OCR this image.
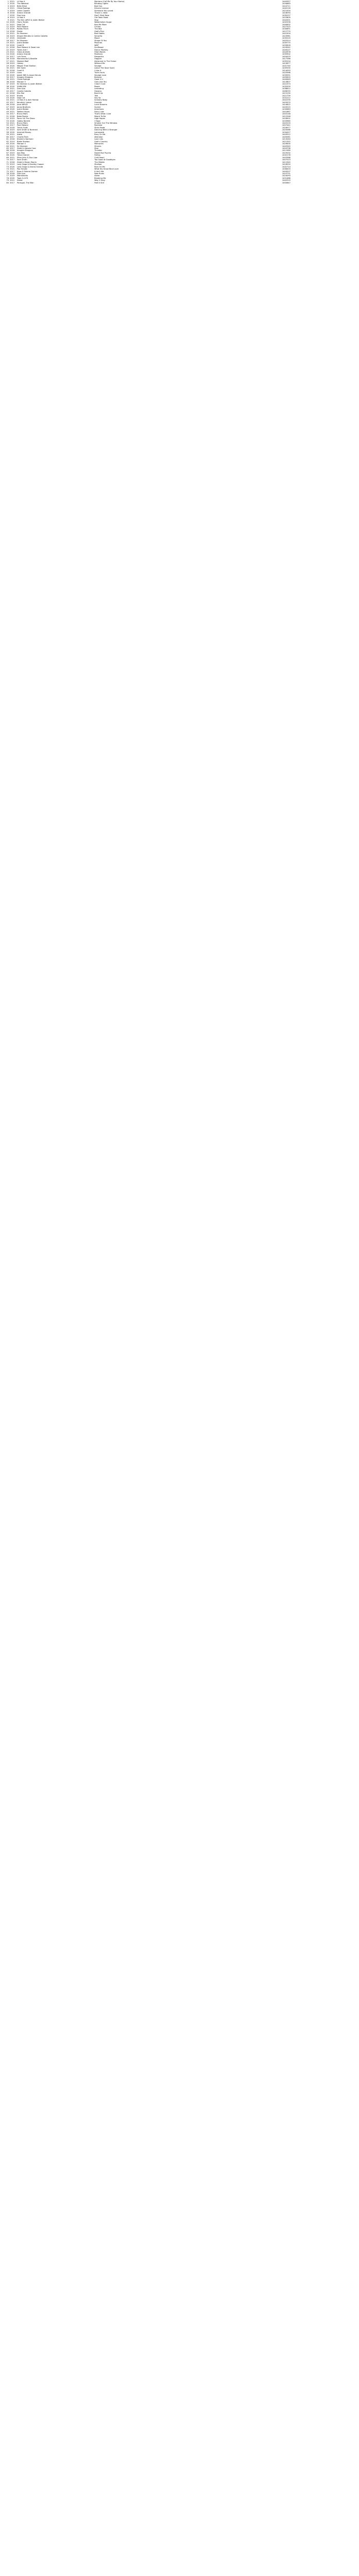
1 2021	Lil Nas X	Montero (Call Me By Your Name)	1440957
2 2020	The Weeknd	Blinding Lights	1434883
3 2019	Billie Eilish	Bad Guy	1424711
4 2021	Olivia Rodrigo	Drivers License	1440118
5 2019	Lewis Capaldi	Someone You Loved	1421004
6 2018	Ariana Grande	Thank U, Next	1418093
7 2020	Dua Lipa	Don't Start Now	1430237
8 2019	Lil Nas X	Old Town Road	1422809
9 2021	The Kid LAROI & Justin Bieber	Stay	1442001
10 2020	Harry Styles	Watermelon Sugar	1432556
11 2021	Doja Cat	Kiss Me More	1440832
12 2019	Post Malone	Circles	1427315
13 2020	Roddy Ricch	The Box	1430891
14 2018	Drake	God's Plan	1412770
15 2021	Ed Sheeran	Bad Habits	1441504
16 2019	Shawn Mendes & Camila Cabello	Senorita	1423981
17 2020	24kGoldn	Mood	1435220
18 2017	Ed Sheeran	Shape Of You	1402514
19 2021	Justin Bieber	Peaches	1439770
20 2020	Cardi B	WAP	1433618
21 2018	Post Malone & Swae Lee	Sunflower	1416342
22 2019	Tones And I	Dance Monkey	1426107
23 2021	Glass Animals	Heat Waves	1442678
24 2020	Ariana Grande	Positions	1435902
25 2017	Luis Fonsi	Despacito	1404419
26 2018	Marshmello & Bastille	Happier	1417266
27 2021	Masked Wolf	Astronaut In The Ocean	1439104
28 2019	Halsey	Without Me	1419877
29 2020	Megan Thee Stallion	Savage	1431740
30 2021	Silk Sonic	Leave The Door Open	1439335
31 2018	Cardi B	I Like It	1414093
32 2019	Lizzo	Truth Hurts	1425568
33 2020	Jawsh 685 & Jason Derulo	Savage Love	1433091
34 2017	Imagine Dragons	Believer	1405620
35 2021	Olivia Rodrigo	Good 4 U	1440649
36 2018	Maroon 5	Girls Like You	1413807
37 2019	Ed Sheeran & Justin Bieber	I Don't Care	1422374
38 2020	SAINt JHN	Roses	1432009
39 2021	Dua Lipa	Levitating	1438812
40 2017	Camila Cabello	Havana	1408255
41 2018	Ella Mai	Boo'd Up	1415190
42 2019	Khalid	Talk	1421739
43 2020	Doja Cat	Say So	1431212
44 2021	Lil Nas X & Jack Harlow	Industry Baby	1442290
45 2017	Kendrick Lamar	Humble	1403970
46 2018	Juice WRLD	Lucid Dreams	1414822
47 2019	Jonas Brothers	Sucker	1420515
48 2020	Justin Bieber	Intentions	1430663
49 2021	Walker Hayes	Fancy Like	1441867
50 2017	Bruno Mars	That's What I Like	1403148
51 2018	Bebe Rexha	Meant To Be	1412346
52 2019	Panic! At The Disco	High Hopes	1418901
53 2020	Gabby Barrett	I Hope	1433985
54 2021	Bruno Mars	Smokin Out The Window	1443103
55 2017	Post Malone	Rockstar	1407441
56 2018	Travis Scott	Sicko Mode	1416977
57 2019	Sam Smith & Normani	Dancing With A Stranger	1420066
58 2020	Internet Money	Lemonade	1434427
59 2021	Adele	Easy On Me	1443512
60 2017	Charlie Puth	Attention	1405081
61 2018	Khalid & Normani	Love Lies	1413264
62 2019	Blake Shelton	God's Country	1421352
63 2020	Maroon 5	Memories	1429830
64 2021	Ed Sheeran	Shivers	1442945
65 2017	Zedd & Alessia Cara	Stay	1404796
66 2018	Imagine Dragons	Thunder	1411589
67 2019	Ava Max	Sweet But Psycho	1419432
68 2020	Trevor Daniel	Falling	1432178
69 2021	Elton John & Dua Lipa	Cold Heart	1443368
70 2017	Sam Smith	Too Good At Goodbyes	1407023
71 2018	Zedd & Maren Morris	The Middle	1411945
72 2019	Lady Gaga & Bradley Cooper	Shallow	1418550
73 2020	Lady Gaga & Ariana Grande	Rain On Me	1432714
74 2021	Pop Smoke	What You Know Bout Love	1438403
75 2017	Kygo & Selena Gomez	It Ain't Me	1404207
76 2018	Dua Lipa	New Rules	1410731
77 2019	Marshmello	Alone	1424093
78 2020	Topic & A7S	Breaking Me	1431486
79 2021	Drake	Way 2 Sexy	1442519
80 2017	Portugal. The Man	Feel It Still	1405847
